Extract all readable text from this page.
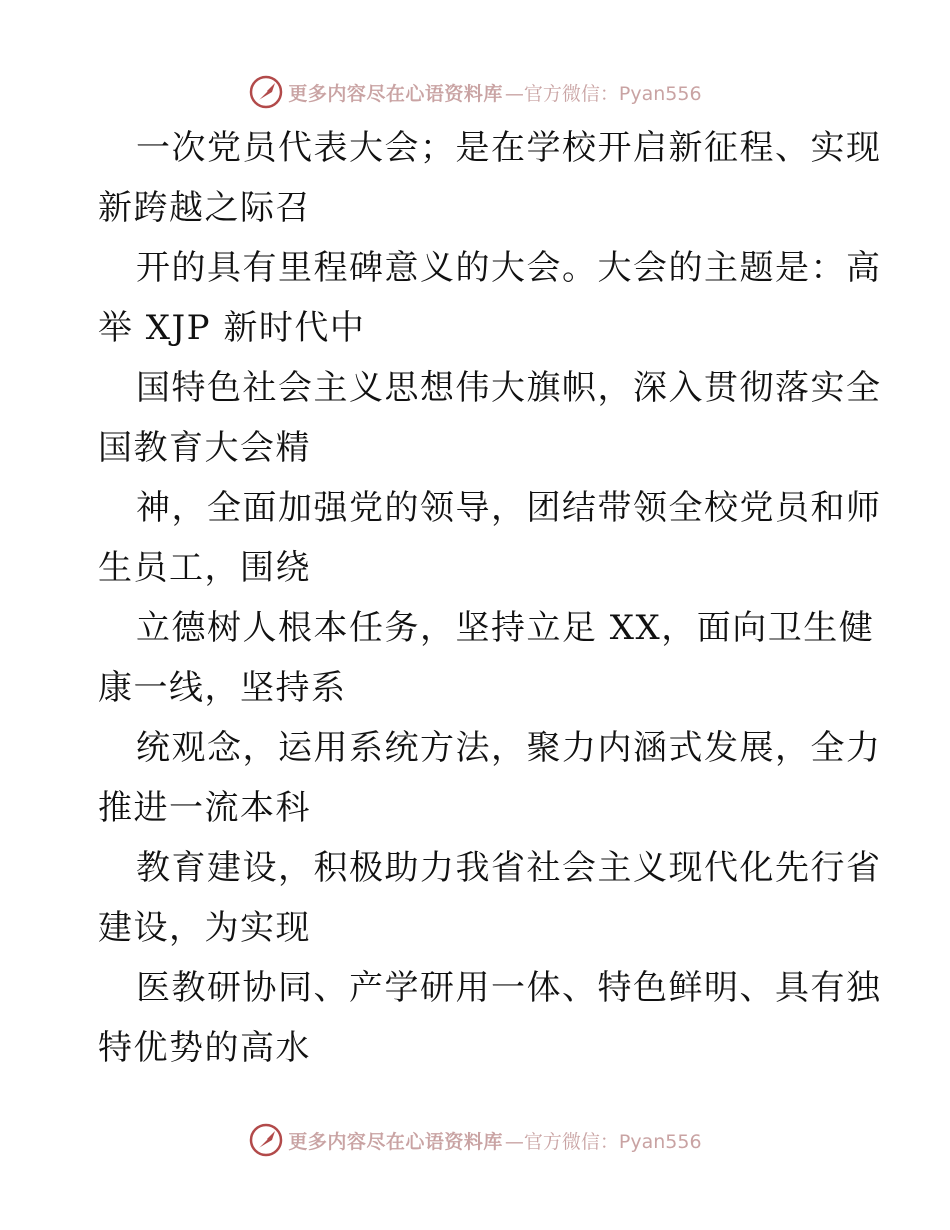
更多内容尽在心语资料库 —官方微信：Pyan556
一次党员代表大会；是在学校开启新征程、实现
新跨越之际召
开的具有里程碑意义的大会。大会的主题是：高
举 XJP 新时代中
国特色社会主义思想伟大旗帜，深入贯彻落实全
国教育大会精
神，全面加强党的领导，团结带领全校党员和师
生员工，围绕
立德树人根本任务，坚持立足 XX，面向卫生健
康一线，坚持系
统观念，运用系统方法，聚力内涵式发展，全力
推进一流本科
教育建设，积极助力我省社会主义现代化先行省
建设，为实现
医教研协同、产学研用一体、特色鲜明、具有独
特优势的高水
更多内容尽在心语资料库 —官方微信：Pyan556
